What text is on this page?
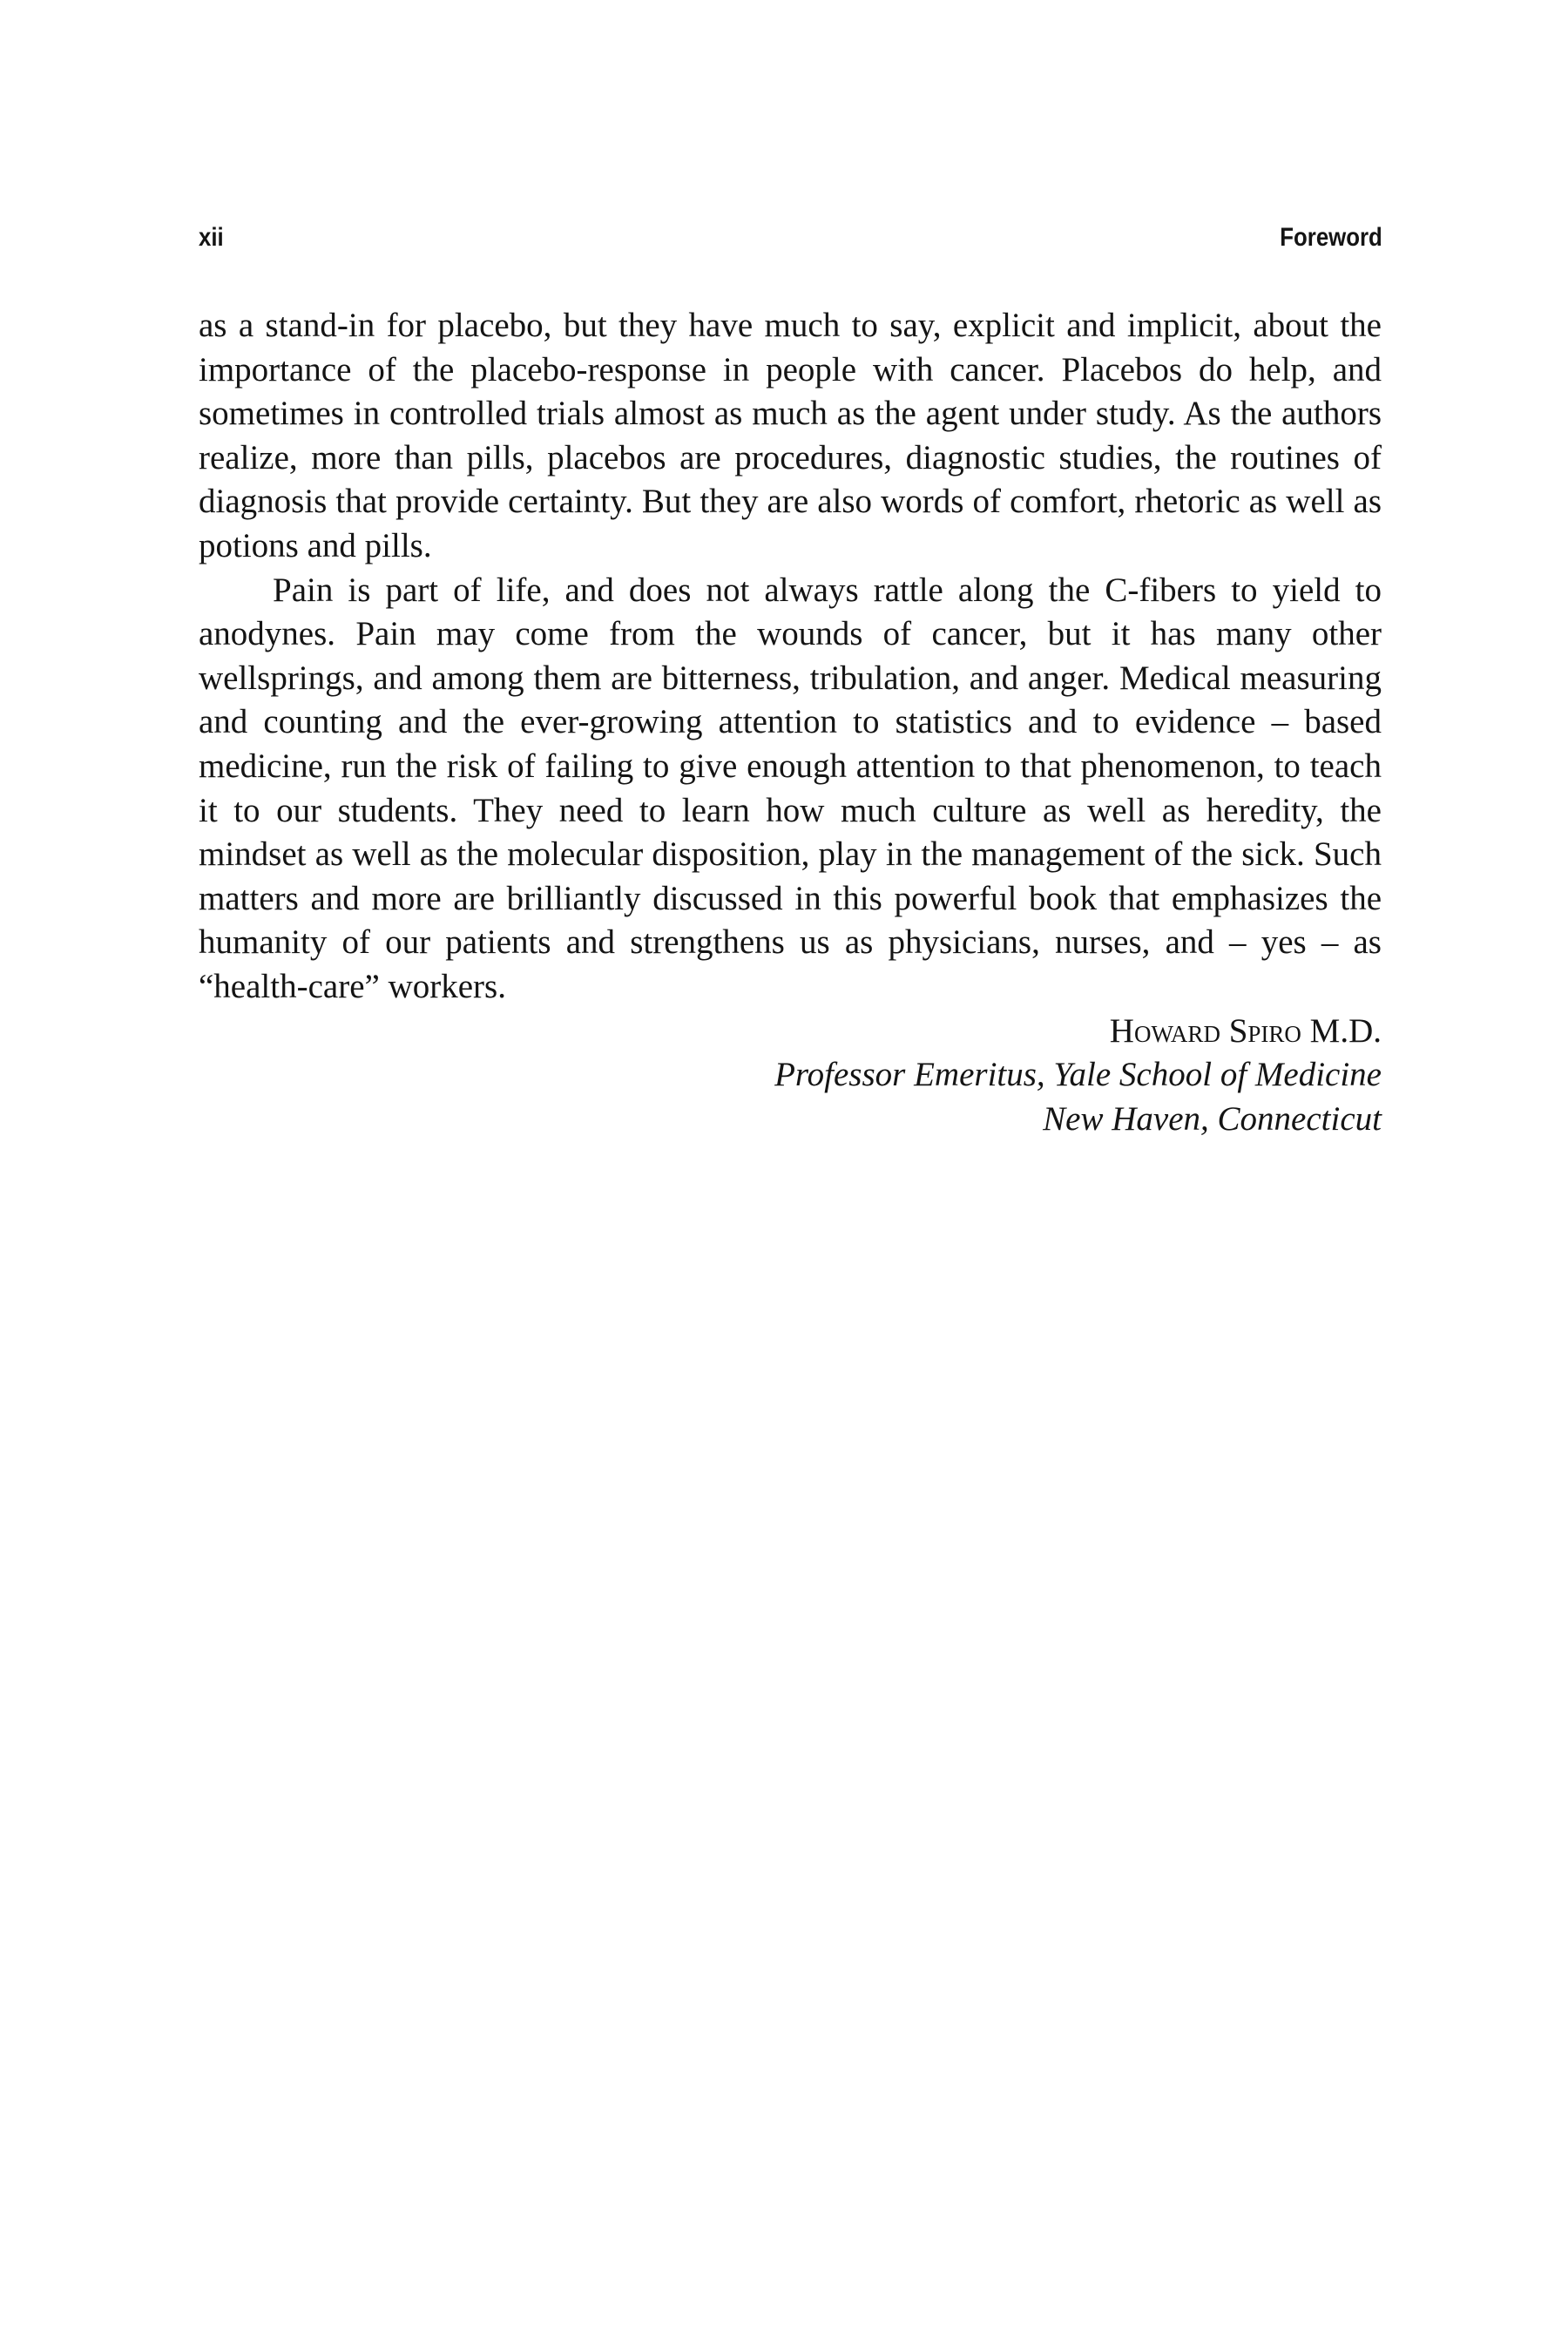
xii	Foreword

as a stand-in for placebo, but they have much to say, explicit and implicit, about the importance of the placebo-response in people with cancer. Placebos do help, and sometimes in controlled trials almost as much as the agent under study. As the authors realize, more than pills, placebos are procedures, diagnostic studies, the routines of diagnosis that provide certainty. But they are also words of comfort, rhetoric as well as potions and pills.

Pain is part of life, and does not always rattle along the C-fibers to yield to anodynes. Pain may come from the wounds of cancer, but it has many other wellsprings, and among them are bitterness, tribulation, and anger. Medical measuring and counting and the ever-growing attention to statistics and to evidence – based medicine, run the risk of failing to give enough attention to that phenomenon, to teach it to our students. They need to learn how much culture as well as heredity, the mindset as well as the molecular disposition, play in the management of the sick. Such matters and more are brilliantly discussed in this powerful book that emphasizes the humanity of our patients and strengthens us as physicians, nurses, and – yes – as “health-care” workers.

Howard Spiro M.D.
Professor Emeritus, Yale School of Medicine
New Haven, Connecticut
